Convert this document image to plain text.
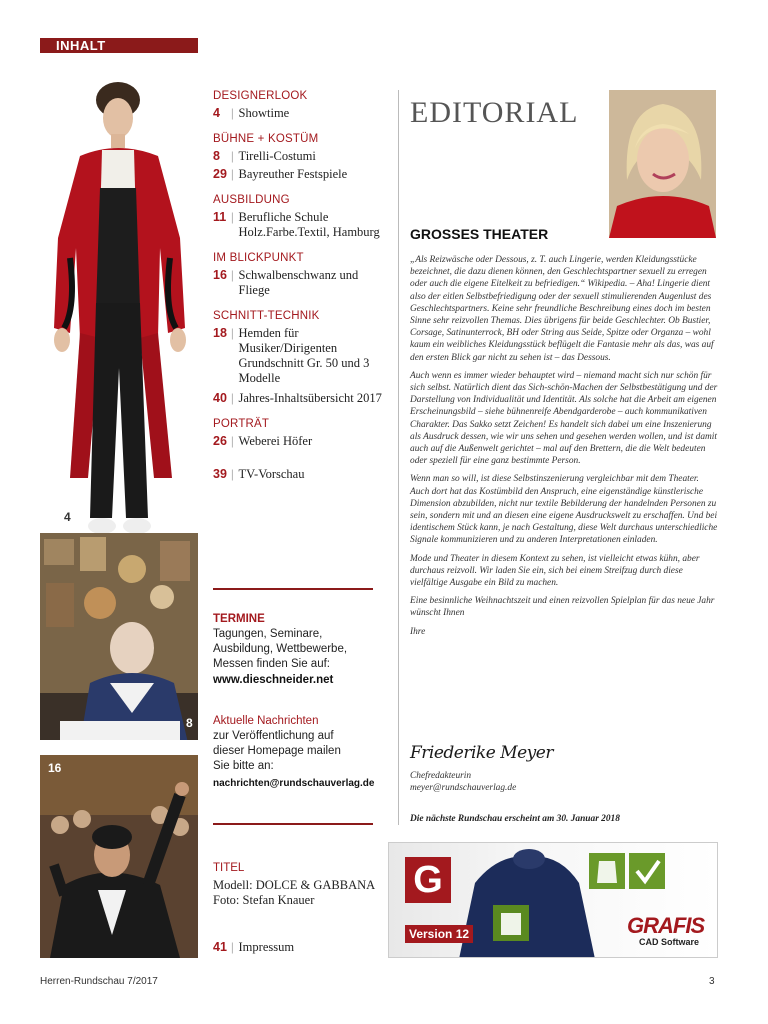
INHALT
4
8
16
DESIGNERLOOK
4 | Showtime
BÜHNE + KOSTÜM
8 | Tirelli-Costumi
29 | Bayreuther Festspiele
AUSBILDUNG
11 | Berufliche Schule Holz.Farbe.Textil, Hamburg
IM BLICKPUNKT
16 | Schwalbenschwanz und Fliege
SCHNITT-TECHNIK
18 | Hemden für Musiker/Dirigenten Grundschnitt Gr. 50 und 3 Modelle
40 | Jahres-Inhaltsübersicht 2017
PORTRÄT
26 | Weberei Höfer
39 | TV-Vorschau
TERMINE
Tagungen, Seminare, Ausbildung, Wettbewerbe, Messen finden Sie auf:
www.dieschneider.net
Aktuelle Nachrichten
zur Veröffentlichung auf dieser Homepage mailen Sie bitte an:
nachrichten@rundschauverlag.de
TITEL
Modell: DOLCE & GABBANA
Foto: Stefan Knauer
41 | Impressum
EDITORIAL
GROSSES THEATER

„Als Reizwäsche oder Dessous, z. T. auch Lingerie, werden Kleidungsstücke bezeichnet, die dazu dienen können, den Geschlechtspartner sexuell zu erregen oder auch die eigene Eitelkeit zu befriedigen.“ Wikipedia. – Aha! Lingerie dient also der eitlen Selbstbefriedigung oder der sexuell stimulierenden Augenlust des Geschlechtspartners. Keine sehr freundliche Beschreibung eines doch im besten Sinne sehr reizvollen Themas. Dies übrigens für beide Geschlechter. Ob Bustier, Corsage, Satinunterrock, BH oder String aus Seide, Spitze oder Organza – wohl kaum ein weibliches Kleidungsstück beflügelt die Fantasie mehr als das, was auf den ersten Blick gar nicht zu sehen ist – das Dessous.

Auch wenn es immer wieder behauptet wird – niemand macht sich nur schön für sich selbst. Natürlich dient das Sich-schön-Machen der Selbstbestätigung und der Darstellung von Individualität und Identität. Als solche hat die Arbeit am eigenen Erscheinungsbild – siehe bühnenreife Abendgarderobe – auch kommunikativen Charakter. Das Sakko setzt Zeichen! Es handelt sich dabei um eine Inszenierung als Ausdruck dessen, wie wir uns sehen und gesehen werden wollen, und ist damit auch auf die Außenwelt gerichtet – mal auf den Brettern, die die Welt bedeuten oder speziell für eine ganz bestimmte Person.

Wenn man so will, ist diese Selbstinszenierung vergleichbar mit dem Theater. Auch dort hat das Kostümbild den Anspruch, eine eigenständige künstlerische Dimension abzubilden, nicht nur textile Bebilderung der handelnden Personen zu sein, sondern mit und an diesen eine eigene Ausdruckswelt zu erschaffen. Und bei identischem Stück kann, je nach Gestaltung, diese Welt durchaus unterschiedliche Signale kommunizieren und zu anderen Interpretationen einladen.

Mode und Theater in diesem Kontext zu sehen, ist vielleicht etwas kühn, aber durchaus reizvoll. Wir laden Sie ein, sich bei einem Streifzug durch diese vielfältige Ausgabe ein Bild zu machen.

Eine besinnliche Weihnachtszeit und einen reizvollen Spielplan für das neue Jahr wünscht Ihnen

Ihre

Friederike Meyer
Chefredakteurin
meyer@rundschauverlag.de
Die nächste Rundschau erscheint am 30. Januar 2018
G
Version 12	GRAFIS
CAD Software
Herren-Rundschau 7/2017	3
